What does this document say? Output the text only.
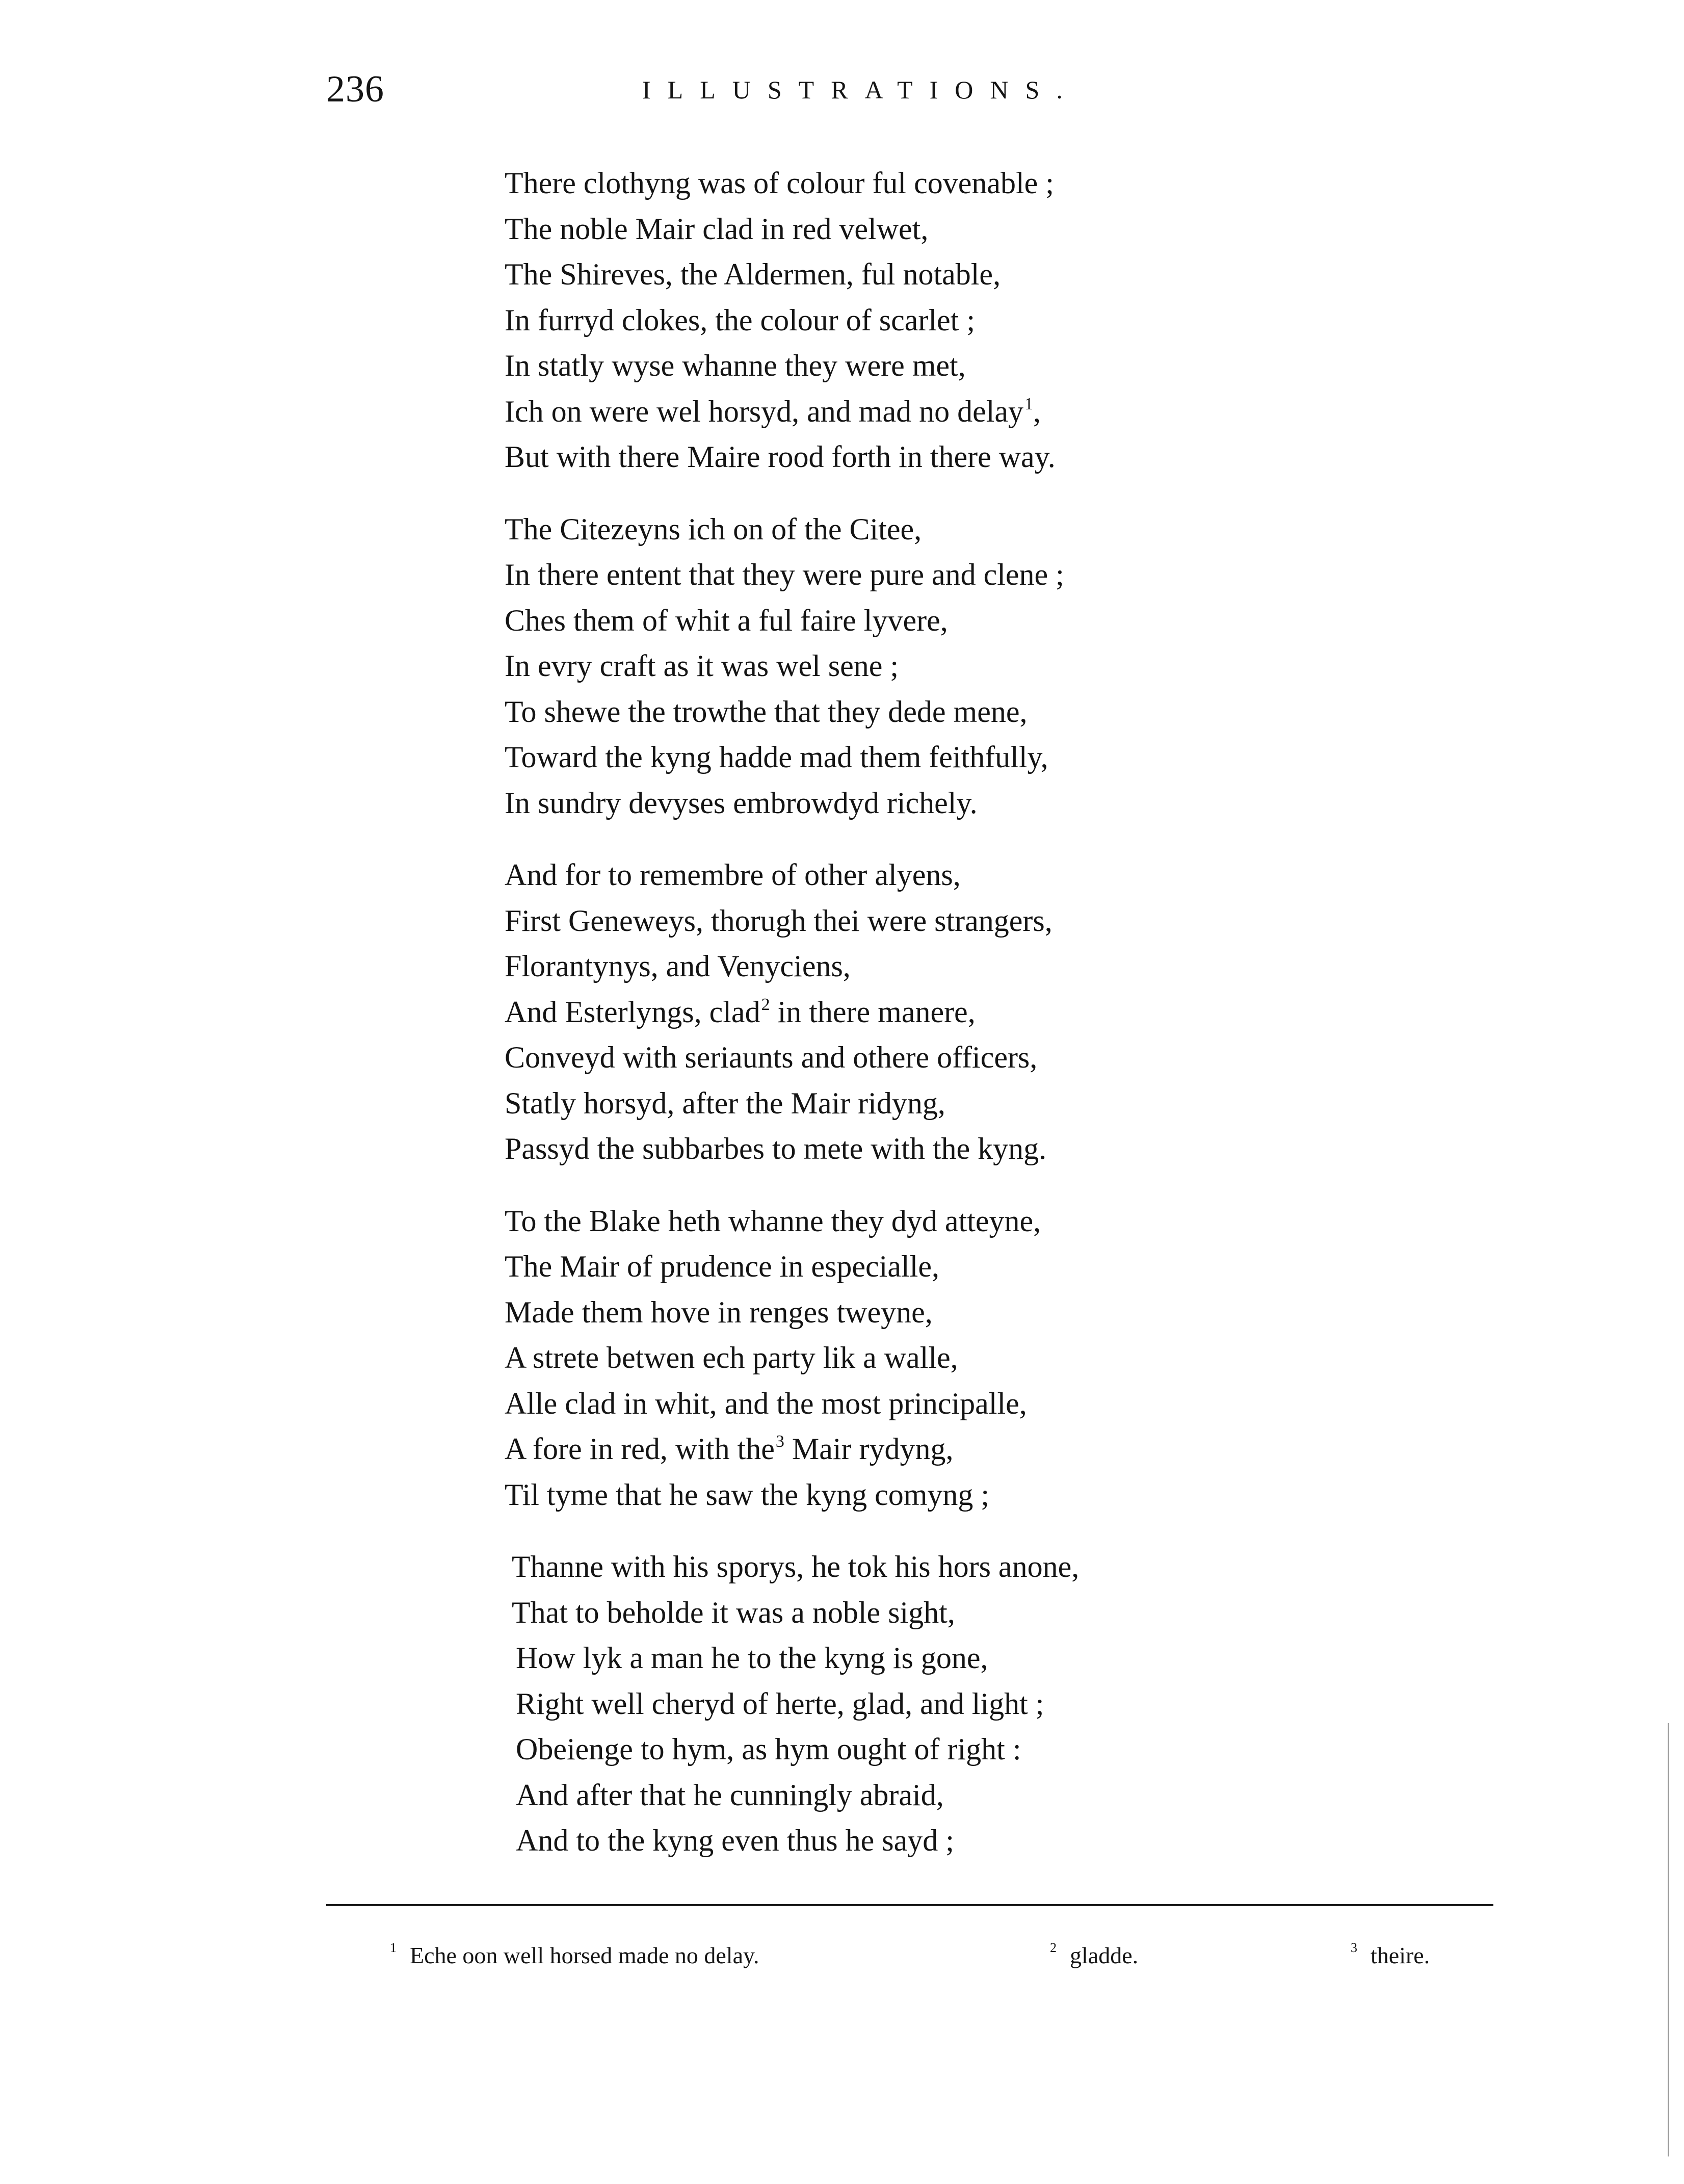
236	ILLUSTRATIONS.
There clothyng was of colour ful covenable ;
The noble Mair clad in red velwet,
The Shireves, the Aldermen, ful notable,
In furryd clokes, the colour of scarlet ;
In statly wyse whanne they were met,
Ich on were wel horsyd, and mad no delay$^1$,
But with there Maire rood forth in there way.
The Citezeyns ich on of the Citee,
In there entent that they were pure and clene ;
Ches them of whit a ful faire lyvere,
In evry craft as it was wel sene ;
To shewe the trowthe that they dede mene,
Toward the kyng hadde mad them feithfully,
In sundry devyses embrowdyd richely.
And for to remembre of other alyens,
First Geneweys, thorugh thei were strangers,
Florantynys, and Venyciens,
And Esterlyngs, clad$^2$ in there manere,
Conveyd with seriaunts and othere officers,
Statly horsyd, after the Mair ridyng,
Passyd the subbarbes to mete with the kyng.
To the Blake heth whanne they dyd atteyne,
The Mair of prudence in especialle,
Made them hove in renges tweyne,
A strete betwen ech party lik a walle,
Alle clad in whit, and the most principalle,
A fore in red, with the$^3$ Mair rydyng,
Til tyme that he saw the kyng comyng ;
Thanne with his sporys, he tok his hors anone,
That to beholde it was a noble sight,
How lyk a man he to the kyng is gone,
Right well cheryd of herte, glad, and light ;
Obeienge to hym, as hym ought of right :
And after that he cunningly abraid,
And to the kyng even thus he sayd ;
$^1$ Eche oon well horsed made no delay.	$^2$ gladde.	$^3$ theire.
